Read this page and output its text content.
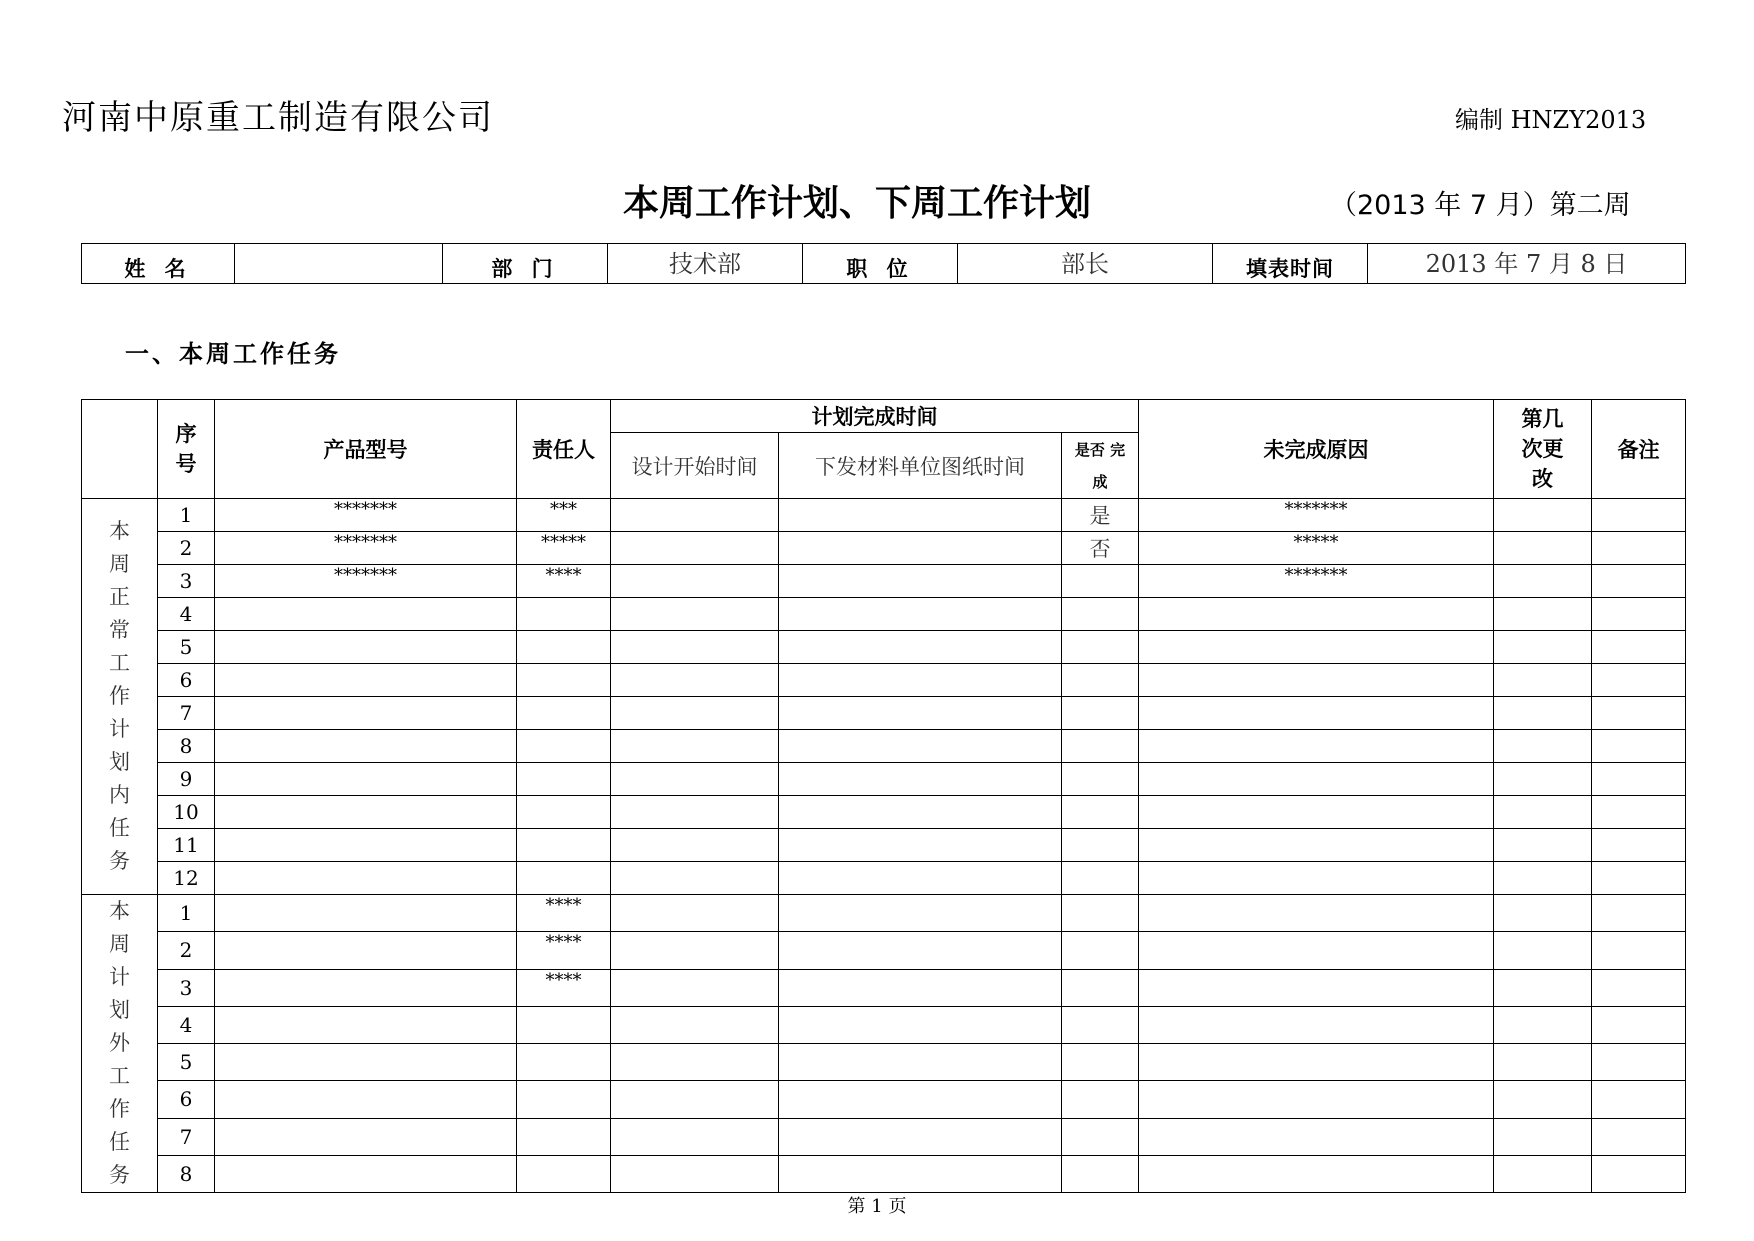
河南中原重工制造有限公司	编制 HNZY2013
本周工作计划、下周工作计划	（2013 年 7 月）第二周
姓 名		部 门	技术部	职 位	部长	填表时间	2013 年 7 月 8 日
一、本周工作任务
	序号	产品型号	责任人	计划完成时间			未完成原因	第几次更改	备注
				设计开始时间	下发材料单位图纸时间	是否 完成			
本周正常工作计划内任务	1	*******	***			是	*******		
	2	*******	*****			否	*****		
	3	*******	****				*******		
	4								
	5								
	6								
	7								
	8								
	9								
	10								
	11								
	12								
本周计划外工作任务	1		****						
	2		****						
	3		****						
	4								
	5								
	6								
	7								
	8								
第 1 页
